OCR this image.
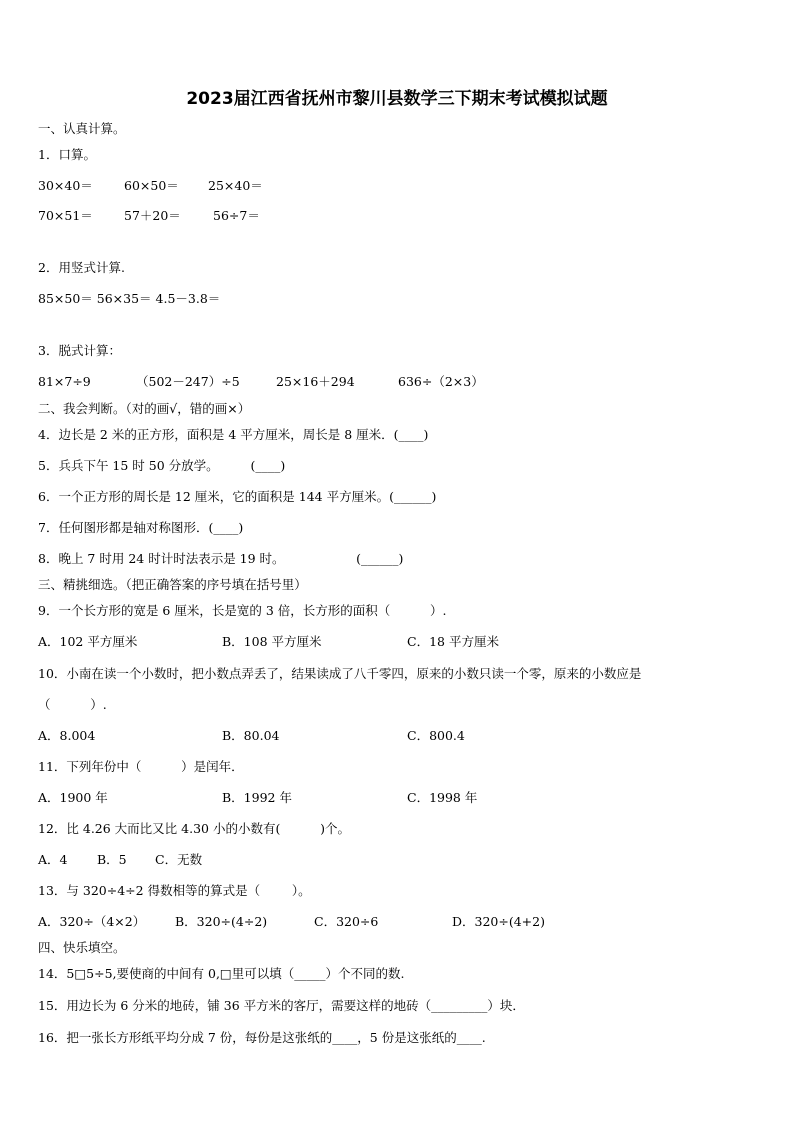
2023届江西省抚州市黎川县数学三下期末考试模拟试题
一、认真计算。
1．口算。
30×40＝ 60×50＝ 25×40＝
70×51＝ 57＋20＝	56÷7＝
2．用竖式计算.
85×50＝ 56×35＝ 4.5－3.8＝
3．脱式计算：
81×7÷9	（502－247）÷5	25×16＋294	636÷（2×3）
二、我会判断。（对的画√，错的画×）
4．边长是 2 米的正方形，面积是 4 平方厘米，周长是 8 厘米．(____)
5．兵兵下午 15 时 50 分放学。        (____)
6．一个正方形的周长是 12 厘米，它的面积是 144 平方厘米。(______)
7．任何图形都是轴对称图形．(____)
8．晚上 7 时用 24 时计时法表示是 19 时。                  (______)
三、精挑细选。（把正确答案的序号填在括号里）
9．一个长方形的宽是 6 厘米，长是宽的 3 倍，长方形的面积（          ）.
A．102 平方厘米	B．108 平方厘米	C．18 平方厘米
10．小南在读一个小数时，把小数点弄丢了，结果读成了八千零四，原来的小数只读一个零，原来的小数应是
（          ）.
A．8.004	B．80.04	C．800.4
11．下列年份中（          ）是闰年．
A．1900 年	B．1992 年	C．1998 年
12．比 4.26 大而比又比 4.30 小的小数有(          )个。
A．4 B．5 C．无数
13．与 320÷4÷2 得数相等的算式是（        ）。
A．320÷（4×2） B．320÷(4÷2)	C．320÷6	D．320÷(4+2)
四、快乐填空。
14．5□5÷5,要使商的中间有 0,□里可以填（_____）个不同的数.
15．用边长为 6 分米的地砖，铺 36 平方米的客厅，需要这样的地砖（_________）块．
16．把一张长方形纸平均分成 7 份，每份是这张纸的____，5 份是这张纸的____.
